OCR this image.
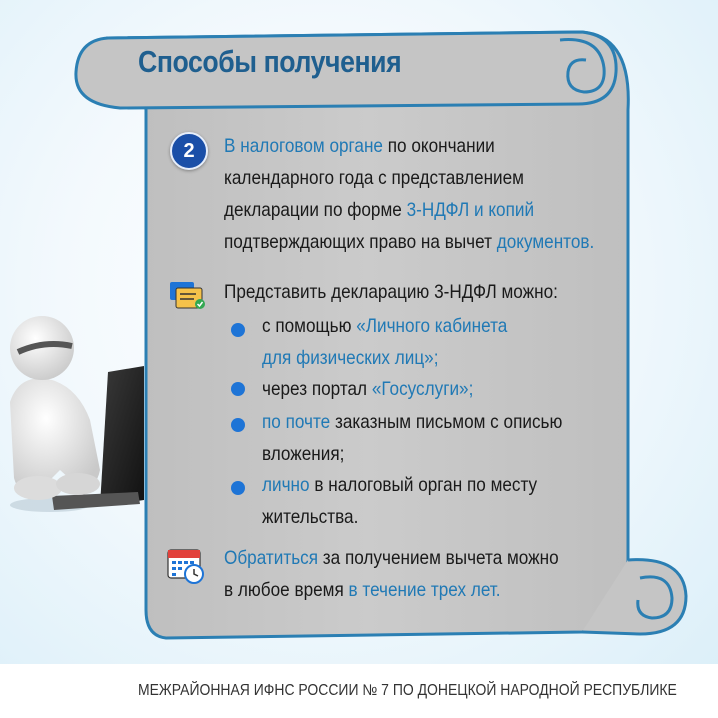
Способы получения
2	В налоговом органе по окончании
календарного года с представлением
декларации по форме 3-НДФЛ и копий
подтверждающих право на вычет документов.
Представить декларацию 3-НДФЛ можно:
с помощью «Личного кабинета
для физических лиц»;
через портал «Госуслуги»;
по почте заказным письмом с описью
вложения;
лично в налоговый орган по месту
жительства.
Обратиться за получением вычета можно
в любое время в течение трех лет.
МЕЖРАЙОННАЯ ИФНС РОССИИ № 7 ПО ДОНЕЦКОЙ НАРОДНОЙ РЕСПУБЛИКЕ
